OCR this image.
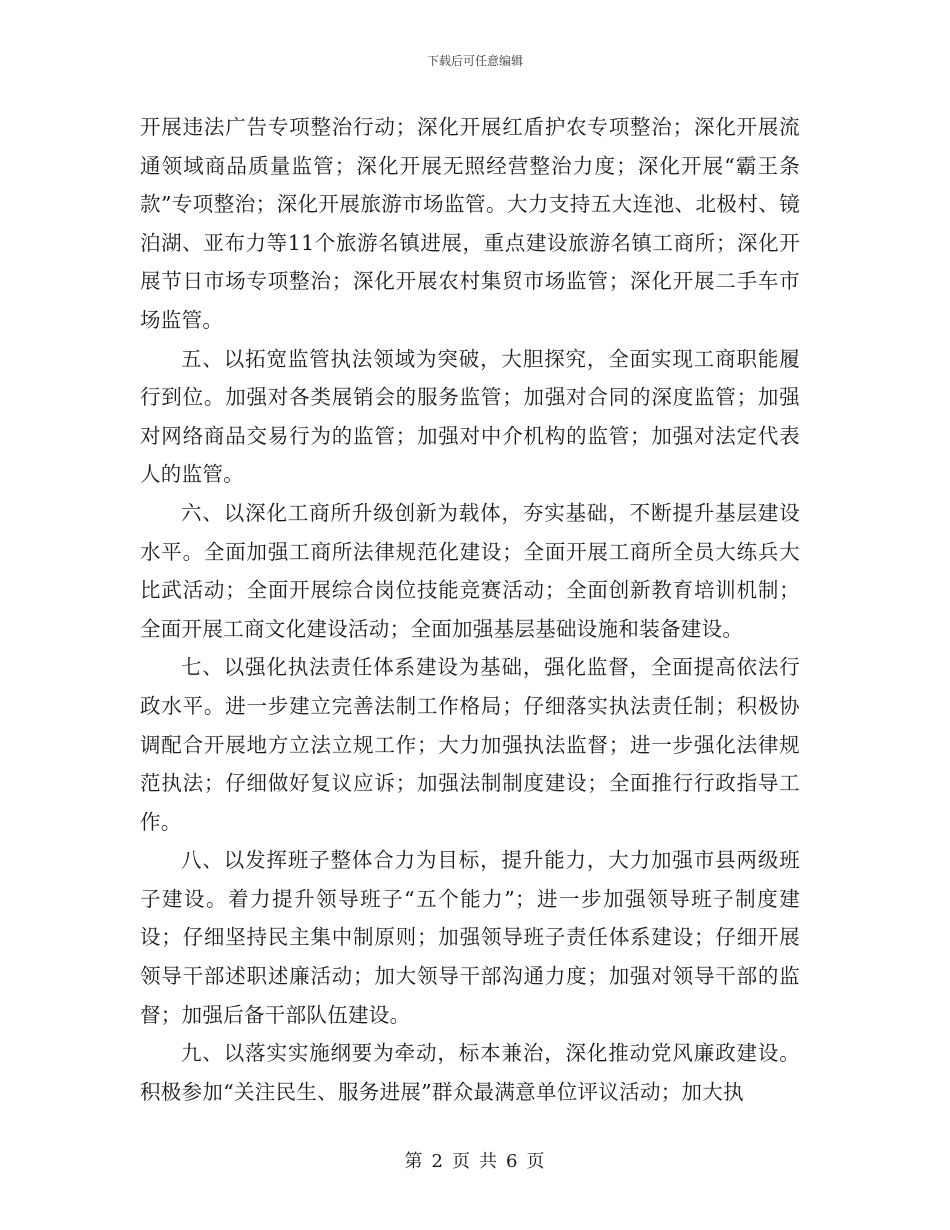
下载后可任意编辑

开展违法广告专项整治行动；深化开展红盾护农专项整治；深化开展流通领域商品质量监管；深化开展无照经营整治力度；深化开展“霸王条款”专项整治；深化开展旅游市场监管。大力支持五大连池、北极村、镜泊湖、亚布力等11个旅游名镇进展，重点建设旅游名镇工商所；深化开展节日市场专项整治；深化开展农村集贸市场监管；深化开展二手车市场监管。

五、以拓宽监管执法领域为突破，大胆探究，全面实现工商职能履行到位。加强对各类展销会的服务监管；加强对合同的深度监管；加强对网络商品交易行为的监管；加强对中介机构的监管；加强对法定代表人的监管。

六、以深化工商所升级创新为载体，夯实基础，不断提升基层建设水平。全面加强工商所法律规范化建设；全面开展工商所全员大练兵大比武活动；全面开展综合岗位技能竞赛活动；全面创新教育培训机制；全面开展工商文化建设活动；全面加强基层基础设施和装备建设。

七、以强化执法责任体系建设为基础，强化监督，全面提高依法行政水平。进一步建立完善法制工作格局；仔细落实执法责任制；积极协调配合开展地方立法立规工作；大力加强执法监督；进一步强化法律规范执法；仔细做好复议应诉；加强法制制度建设；全面推行行政指导工作。

八、以发挥班子整体合力为目标，提升能力，大力加强市县两级班子建设。着力提升领导班子“五个能力”；进一步加强领导班子制度建设；仔细坚持民主集中制原则；加强领导班子责任体系建设；仔细开展领导干部述职述廉活动；加大领导干部沟通力度；加强对领导干部的监督；加强后备干部队伍建设。

九、以落实实施纲要为牵动，标本兼治，深化推动党风廉政建设。积极参加“关注民生、服务进展”群众最满意单位评议活动；加大执

第 2 页 共 6 页
